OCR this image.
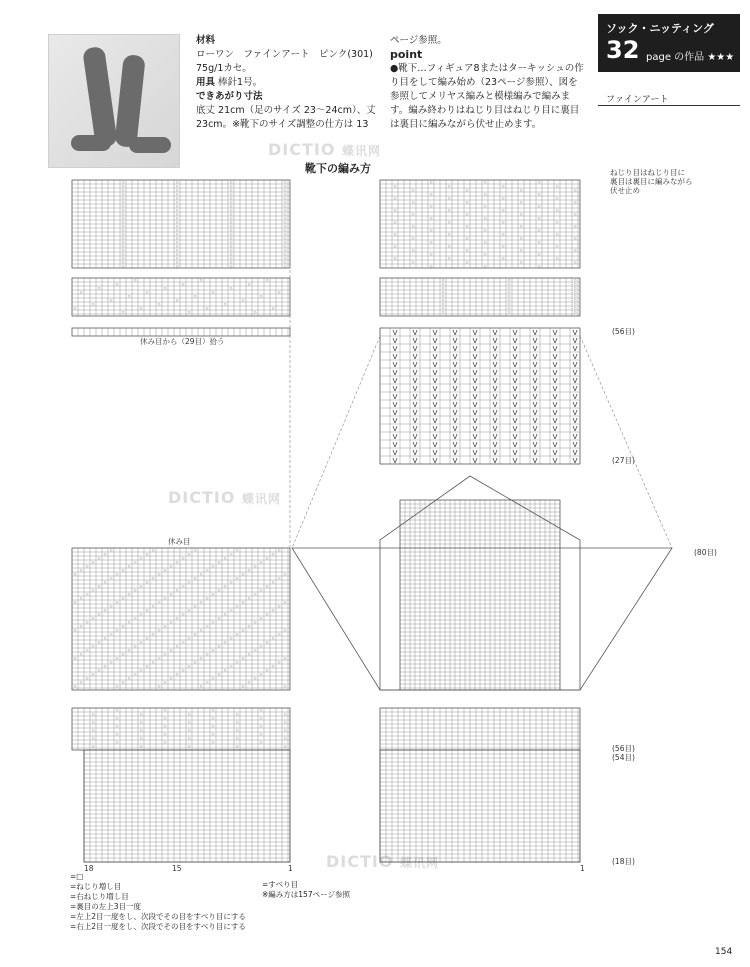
材料
ローワン　ファインアート　ピンク(301)
75g/1カセ。
用具 棒針1号。
できあがり寸法
底丈 21cm（足のサイズ 23～24cm）、丈 23cm。※靴下のサイズ調整の仕方は 13
ページ参照。
point
●靴下…フィギュア8またはターキッシュの作り目をして編み始め（23ページ参照）、図を参照してメリヤス編みと模様編みで編みます。編み終わりはねじり目はねじり目に裏目は裏目に編みながら伏せ止めます。
ソック・ニッティング
32 page の作品 ★★★
ファインアート
靴下の編み方
DICTIO 蝶讯网
DICTIO 蝶讯网
DICTIO 蝶讯网
○	○	○	○
○	○	○	○
○	○	○	○
○	○	○	○
○	○	○	○
○	○	○	○
○	○	○	○
○	○	○	○
○	○	○	○
○	○	○	○
○	○	○	○
○	○	○	○
○	○	○	○
○	○	○	○
○	○	○	○
○	○	○	○
○	○	○	○
○	○	○	○
○	○	○	○
○	○	○	○
○	○	○	○
○	○	○	○
○	○	○
○	○	○
○	○	○
○	○	○	○
○	○	○
○	○	○
○	○	○
○	○	○	○
○	○	○
○	○	○
○	○	○	○
○	○	○	○
○	○	○
○	○	○	○
○	○	○	○
○	○	○
○	○	○	○
○	○	○	○
○	○	○
○	○	○	○
○	○	○	○
○	○	○
○	○	○	○
○	○	○	○
○	○	○
○	○	○	○
○	○	○	○
○	○	○
○	○	○	○
○	○	○	○
○	○	○
○	○	○
○	○	○
○	○	○
○	○	○
○	○	○
○	○	○
○	○	○
○	○	○
○	○	○
V V V V V V V V V V
V V V V V V V V V V
V V V V V V V V V V
V V V V V V V V V V
V V V V V V V V V V
V V V V V V V V V V
V V V V V V V V V V
V V V V V V V V V V
V V V V V V V V V V
V V V V V V V V V V
V V V V V V V V V V
V V V V V V V V V V
V V V V V V V V V V
V V V V V V V V V V
V V V V V V V V V V
V V V V V V V V V V
V V V V V V V V V V
○	○	○	○	○
○	○	○	○	○
○	○	○	○	○
○	○	○	○	○
○	○	○	○	○
○	○	○	○	○
○	○	○	○	○	○
○	○	○	○	○
○	○	○	○	○
○	○	○	○	○
○	○	○	○	○
○	○	○	○	○
○	○	○	○	○
○	○	○	○	○	○
○	○	○	○	○
○	○	○	○	○
○	○	○	○	○
○	○	○	○	○
○	○	○	○	○
○	○	○	○	○
○	○	○	○	○	○
○	○	○	○	○
○	○	○	○	○
○	○	○	○	○
○	○	○	○	○
○	○	○	○	○
○	○	○	○	○
○	○	○	○	○	○
○	○	○	○	○
○	○	○	○	○
○	○	○	○	○
○	○	○	○	○
○	○	○	○	○
○	○	○	○	○
○	○	○	○	○	○
○	○	○	○
○	○	○	○	○
○	○	○	○
○	○	○	○	○
○	○	○	○
○	○	○	○	○
○	○	○	○
○	○	○	○	○
○	○	○	○
○	○	○	○	○
ねじり目はねじり目に
裏目は裏目に編みながら
伏せ止め
休み目から（29目）拾う
休み目
(56目)
(27目)
(80目)
(56目)
(54目)
(18目)
18	15	1	1
=□
=ねじり増し目
=右ねじり増し目
=裏目の左上3目一度
=左上2目一度をし、次段でその目をすべり目にする
=右上2目一度をし、次段でその目をすべり目にする
=すべり目
※編み方は157ページ参照
154
